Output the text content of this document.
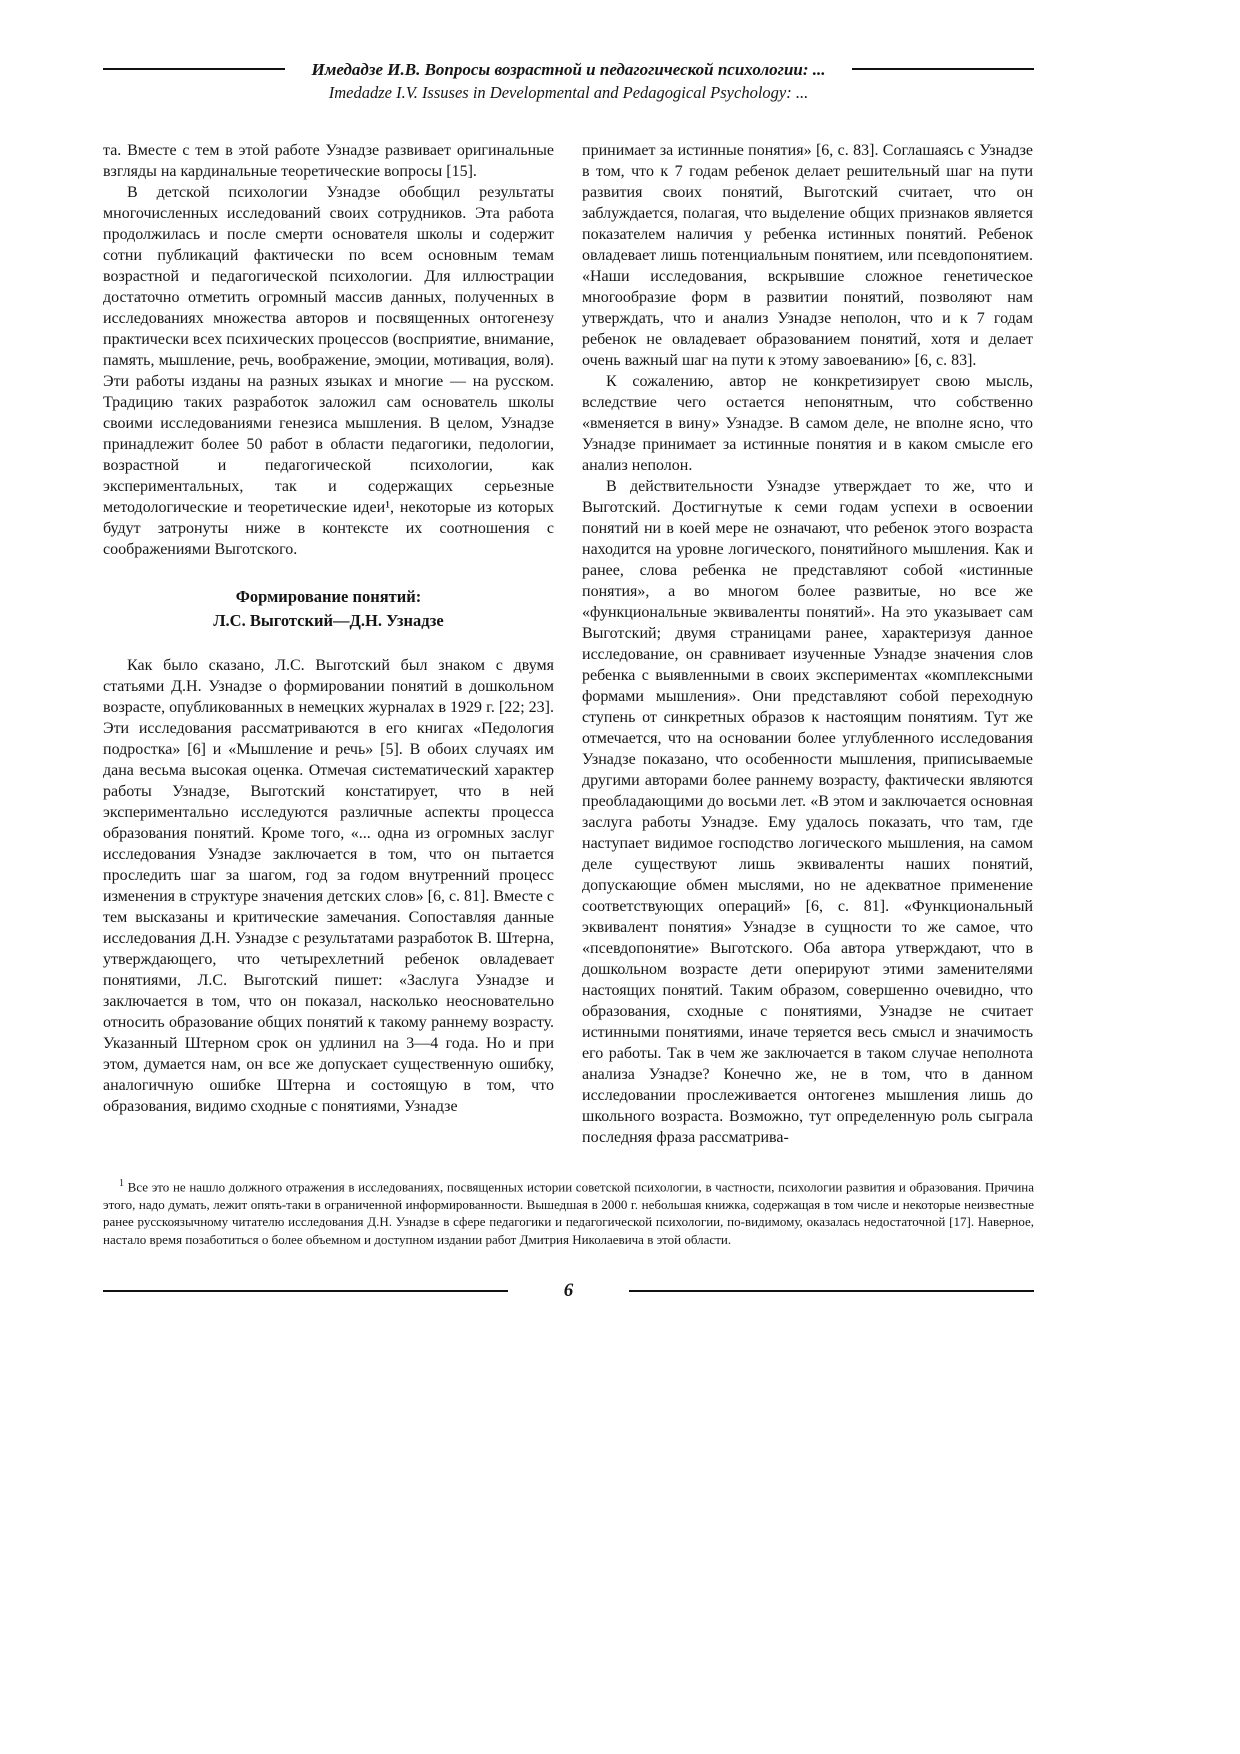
Имедадзе И.В. Вопросы возрастной и педагогической психологии: ...
Imedadze I.V. Issuses in Developmental and Pedagogical Psychology: ...

та. Вместе с тем в этой работе Узнадзе развивает оригинальные взгляды на кардинальные теоретические вопросы [15].

В детской психологии Узнадзе обобщил результаты многочисленных исследований своих сотрудников. Эта работа продолжилась и после смерти основателя школы и содержит сотни публикаций фактически по всем основным темам возрастной и педагогической психологии. Для иллюстрации достаточно отметить огромный массив данных, полученных в исследованиях множества авторов и посвященных онтогенезу практически всех психических процессов (восприятие, внимание, память, мышление, речь, воображение, эмоции, мотивация, воля). Эти работы изданы на разных языках и многие — на русском. Традицию таких разработок заложил сам основатель школы своими исследованиями генезиса мышления. В целом, Узнадзе принадлежит более 50 работ в области педагогики, педологии, возрастной и педагогической психологии, как экспериментальных, так и содержащих серьезные методологические и теоретические идеи¹, некоторые из которых будут затронуты ниже в контексте их соотношения с соображениями Выготского.

Формирование понятий:
Л.С. Выготский—Д.Н. Узнадзе

Как было сказано, Л.С. Выготский был знаком с двумя статьями Д.Н. Узнадзе о формировании понятий в дошкольном возрасте, опубликованных в немецких журналах в 1929 г. [22; 23]. Эти исследования рассматриваются в его книгах «Педология подростка» [6] и «Мышление и речь» [5]. В обоих случаях им дана весьма высокая оценка. Отмечая систематический характер работы Узнадзе, Выготский констатирует, что в ней экспериментально исследуются различные аспекты процесса образования понятий. Кроме того, «... одна из огромных заслуг исследования Узнадзе заключается в том, что он пытается проследить шаг за шагом, год за годом внутренний процесс изменения в структуре значения детских слов» [6, с. 81]. Вместе с тем высказаны и критические замечания. Сопоставляя данные исследования Д.Н. Узнадзе с результатами разработок В. Штерна, утверждающего, что четырехлетний ребенок овладевает понятиями, Л.С. Выготский пишет: «Заслуга Узнадзе и заключается в том, что он показал, насколько неосновательно относить образование общих понятий к такому раннему возрасту. Указанный Штерном срок он удлинил на 3—4 года. Но и при этом, думается нам, он все же допускает существенную ошибку, аналогичную ошибке Штерна и состоящую в том, что образования, видимо сходные с понятиями, Узнадзе

принимает за истинные понятия» [6, с. 83]. Соглашаясь с Узнадзе в том, что к 7 годам ребенок делает решительный шаг на пути развития своих понятий, Выготский считает, что он заблуждается, полагая, что выделение общих признаков является показателем наличия у ребенка истинных понятий. Ребенок овладевает лишь потенциальным понятием, или псевдопонятием. «Наши исследования, вскрывшие сложное генетическое многообразие форм в развитии понятий, позволяют нам утверждать, что и анализ Узнадзе неполон, что и к 7 годам ребенок не овладевает образованием понятий, хотя и делает очень важный шаг на пути к этому завоеванию» [6, с. 83].

К сожалению, автор не конкретизирует свою мысль, вследствие чего остается непонятным, что собственно «вменяется в вину» Узнадзе. В самом деле, не вполне ясно, что Узнадзе принимает за истинные понятия и в каком смысле его анализ неполон.

В действительности Узнадзе утверждает то же, что и Выготский. Достигнутые к семи годам успехи в освоении понятий ни в коей мере не означают, что ребенок этого возраста находится на уровне логического, понятийного мышления. Как и ранее, слова ребенка не представляют собой «истинные понятия», а во многом более развитые, но все же «функциональные эквиваленты понятий». На это указывает сам Выготский; двумя страницами ранее, характеризуя данное исследование, он сравнивает изученные Узнадзе значения слов ребенка с выявленными в своих экспериментах «комплексными формами мышления». Они представляют собой переходную ступень от синкретных образов к настоящим понятиям. Тут же отмечается, что на основании более углубленного исследования Узнадзе показано, что особенности мышления, приписываемые другими авторами более раннему возрасту, фактически являются преобладающими до восьми лет. «В этом и заключается основная заслуга работы Узнадзе. Ему удалось показать, что там, где наступает видимое господство логического мышления, на самом деле существуют лишь эквиваленты наших понятий, допускающие обмен мыслями, но не адекватное применение соответствующих операций» [6, с. 81]. «Функциональный эквивалент понятия» Узнадзе в сущности то же самое, что «псевдопонятие» Выготского. Оба автора утверждают, что в дошкольном возрасте дети оперируют этими заменителями настоящих понятий. Таким образом, совершенно очевидно, что образования, сходные с понятиями, Узнадзе не считает истинными понятиями, иначе теряется весь смысл и значимость его работы. Так в чем же заключается в таком случае неполнота анализа Узнадзе? Конечно же, не в том, что в данном исследовании прослеживается онтогенез мышления лишь до школьного возраста. Возможно, тут определенную роль сыграла последняя фраза рассматрива-

$^1$ Все это не нашло должного отражения в исследованиях, посвященных истории советской психологии, в частности, психологии развития и образования. Причина этого, надо думать, лежит опять-таки в ограниченной информированности. Вышедшая в 2000 г. небольшая книжка, содержащая в том числе и некоторые неизвестные ранее русскоязычному читателю исследования Д.Н. Узнадзе в сфере педагогики и педагогической психологии, по-видимому, оказалась недостаточной [17]. Наверное, настало время позаботиться о более объемном и доступном издании работ Дмитрия Николаевича в этой области.
6
